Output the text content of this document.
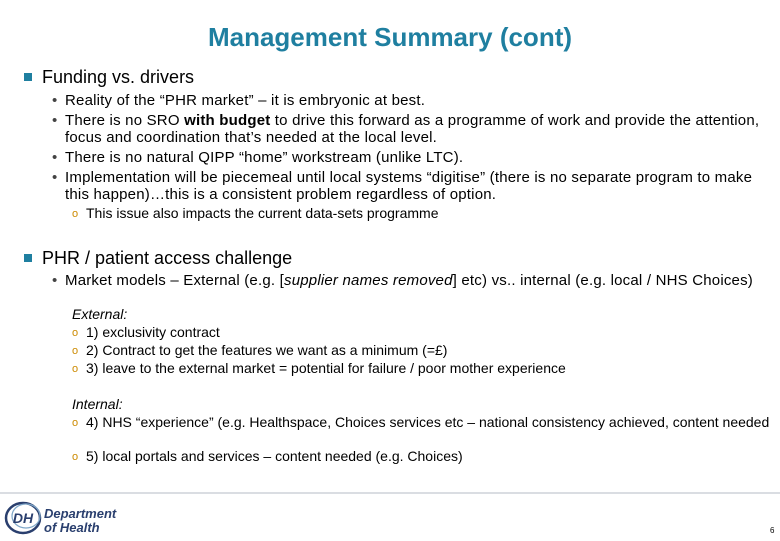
Management Summary (cont)
Funding vs. drivers
• Reality of the “PHR market” – it is embryonic at best.
• There is no SRO with budget to drive this forward as a programme of work and provide the attention, focus and coordination that’s needed at the local level.
• There is no natural QIPP “home” workstream (unlike LTC).
• Implementation will be piecemeal until local systems “digitise” (there is no separate program to make this happen)…this is a consistent problem regardless of option.
o This issue also impacts the current data-sets programme
PHR / patient access challenge
• Market models – External (e.g. [supplier names removed] etc) vs.. internal (e.g. local / NHS Choices)
External:
o 1) exclusivity contract
o 2) Contract to get the features we want as a minimum (=£)
o 3) leave to the external market = potential for failure / poor mother experience
Internal:
o 4) NHS “experience” (e.g. Healthspace, Choices services etc – national consistency achieved, content needed
o 5) local portals and services – content needed (e.g. Choices)
DH Department
of Health	6
